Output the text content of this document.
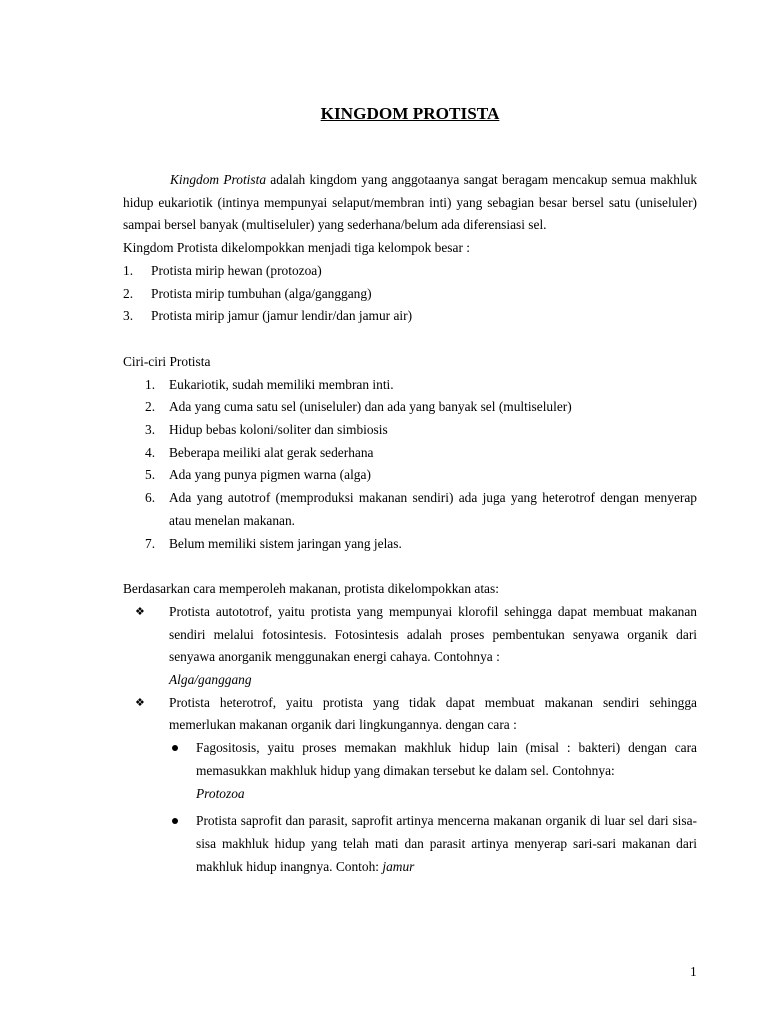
KINGDOM PROTISTA

Kingdom Protista adalah kingdom yang anggotaanya sangat beragam mencakup semua makhluk hidup eukariotik (intinya mempunyai selaput/membran inti) yang sebagian besar bersel satu (uniseluler) sampai bersel banyak (multiseluler) yang sederhana/belum ada diferensiasi sel.

Kingdom Protista dikelompokkan menjadi tiga kelompok besar :

1. Protista mirip hewan (protozoa)
2. Protista mirip tumbuhan (alga/ganggang)
3. Protista mirip jamur (jamur lendir/dan jamur air)

Ciri-ciri Protista

1. Eukariotik, sudah memiliki membran inti.
2. Ada yang cuma satu sel (uniseluler) dan ada yang banyak sel (multiseluler)
3. Hidup bebas koloni/soliter dan simbiosis
4. Beberapa meiliki alat gerak sederhana
5. Ada yang punya pigmen warna (alga)
6. Ada yang autotrof (memproduksi makanan sendiri) ada juga yang heterotrof dengan menyerap atau menelan makanan.
7. Belum memiliki sistem jaringan yang jelas.

Berdasarkan cara memperoleh makanan, protista dikelompokkan atas:

❖ Protista autototrof, yaitu protista yang mempunyai klorofil sehingga dapat membuat makanan sendiri melalui fotosintesis. Fotosintesis adalah proses pembentukan senyawa organik dari senyawa anorganik menggunakan energi cahaya. Contohnya :
Alga/ganggang
❖ Protista heterotrof, yaitu protista yang tidak dapat membuat makanan sendiri sehingga memerlukan makanan organik dari lingkungannya. dengan cara :
Fagositosis, yaitu proses memakan makhluk hidup lain (misal : bakteri) dengan cara memasukkan makhluk hidup yang dimakan tersebut ke dalam sel. Contohnya:
Protozoa
Protista saprofit dan parasit, saprofit artinya mencerna makanan organik di luar sel dari sisa-sisa makhluk hidup yang telah mati dan parasit artinya menyerap sari-sari makanan dari makhluk hidup inangnya. Contoh: jamur
1
